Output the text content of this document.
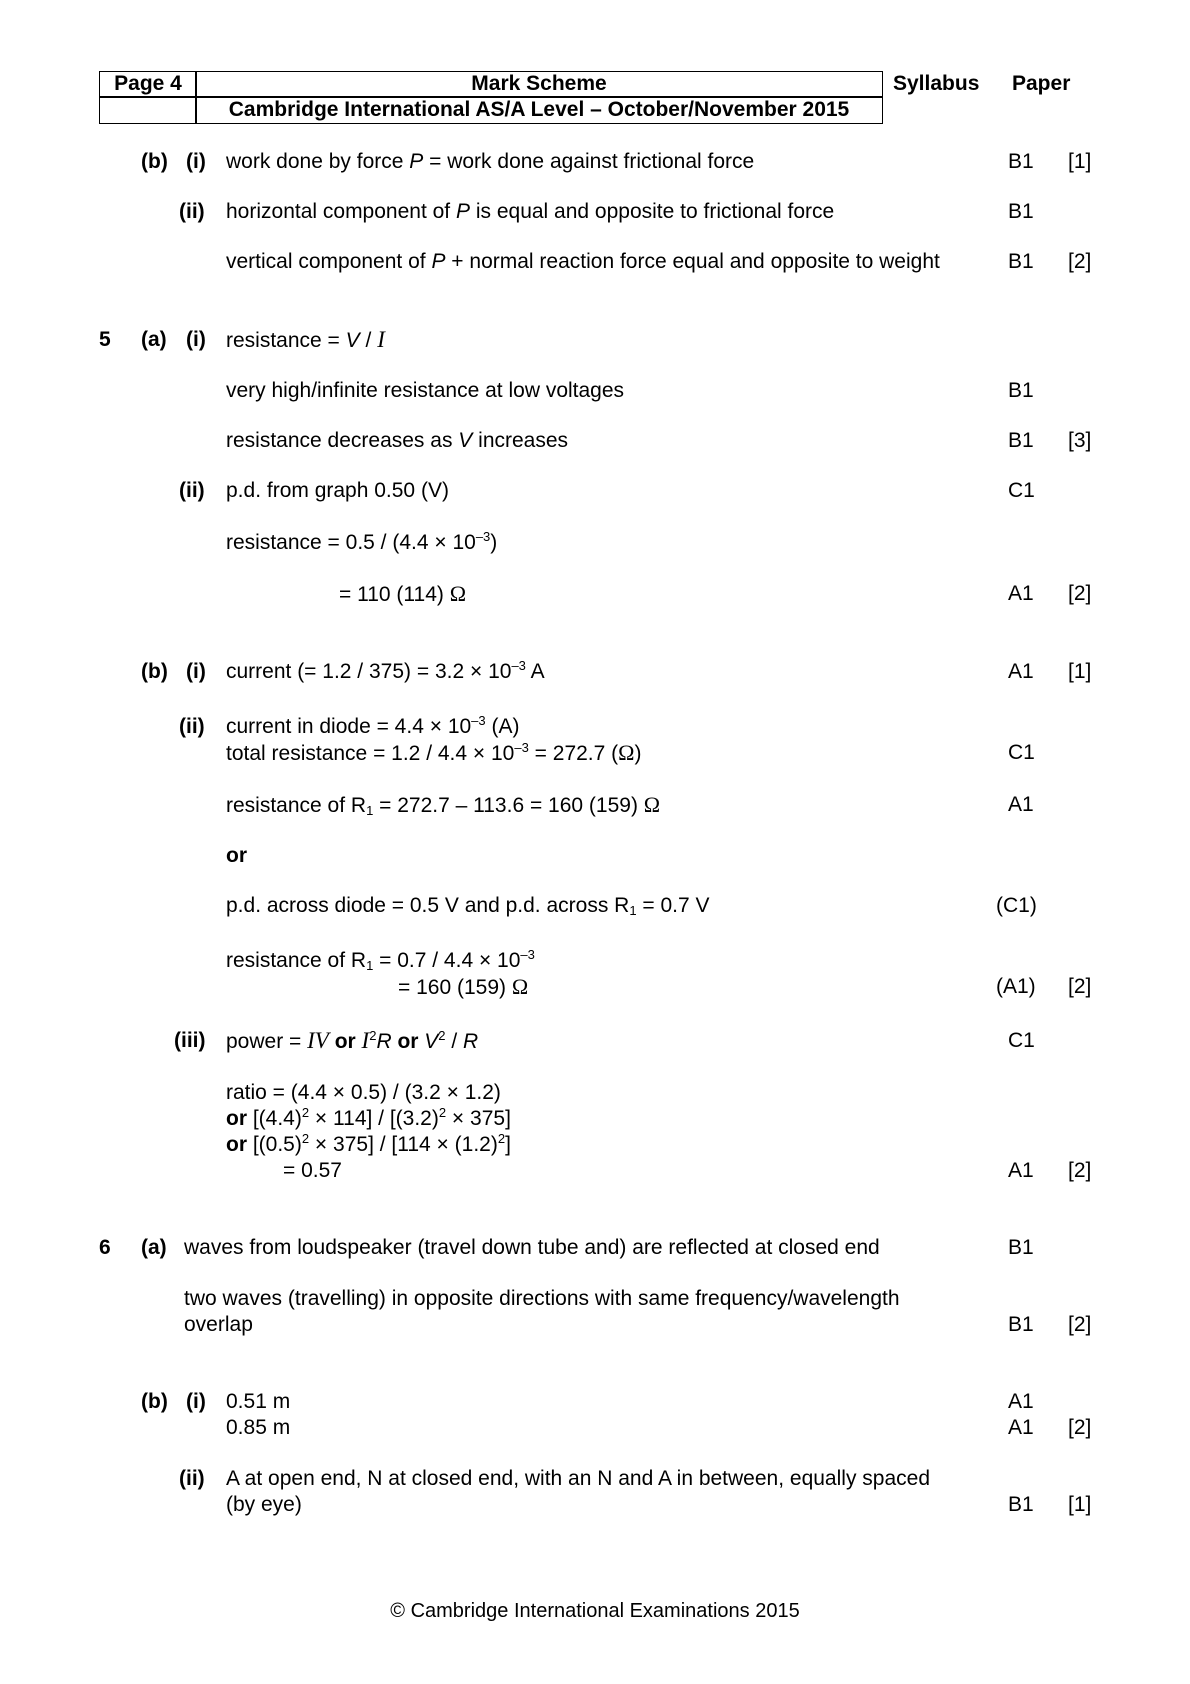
Page 4	Mark Scheme
Cambridge International AS/A Level – October/November 2015
Syllabus Paper
(b) (i) work done by force P = work done against frictional force	B1 [1]
(ii) horizontal component of P is equal and opposite to frictional force	B1
vertical component of P + normal reaction force equal and opposite to weight	B1 [2]
5 (a) (i) resistance = V / I
very high/infinite resistance at low voltages	B1
resistance decreases as V increases	B1 [3]
(ii) p.d. from graph 0.50 (V)	C1
resistance = $0.5 / (4.4 \times 10^{-3})$
= 110 (114) Ω	A1 [2]
(b) (i) current (= $1.2 / 375) = 3.2 \times 10^{-3}$ A	A1 [1]
(ii) current in diode = $4.4 \times 10^{-3}$ (A)
total resistance = $1.2 / 4.4 \times 10^{-3} = 272.7$ (Ω)	C1
resistance of $R_1 = 272.7 - 113.6 = 160$ (159) Ω	A1
or
p.d. across diode = 0.5 V and p.d. across $R_1 = 0.7$ V	(C1)
resistance of $R_1 = 0.7 / 4.4 \times 10^{-3}$
= 160 (159) Ω	(A1) [2]
(iii) power = IV or $I^2R$ or $V^2$ / R	C1
ratio = (4.4 × 0.5) / (3.2 × 1.2)
or $[(4.4)^2 \times 114] / [(3.2)^2 \times 375]$
or $[(0.5)^2 \times 375] / [114 \times (1.2)^2]$
= 0.57	A1 [2]
6 (a) waves from loudspeaker (travel down tube and) are reflected at closed end	B1
two waves (travelling) in opposite directions with same frequency/wavelength
overlap	B1 [2]
(b) (i) 0.51 m	A1
0.85 m	A1 [2]
(ii) A at open end, N at closed end, with an N and A in between, equally spaced
(by eye)	B1 [1]
© Cambridge International Examinations 2015
